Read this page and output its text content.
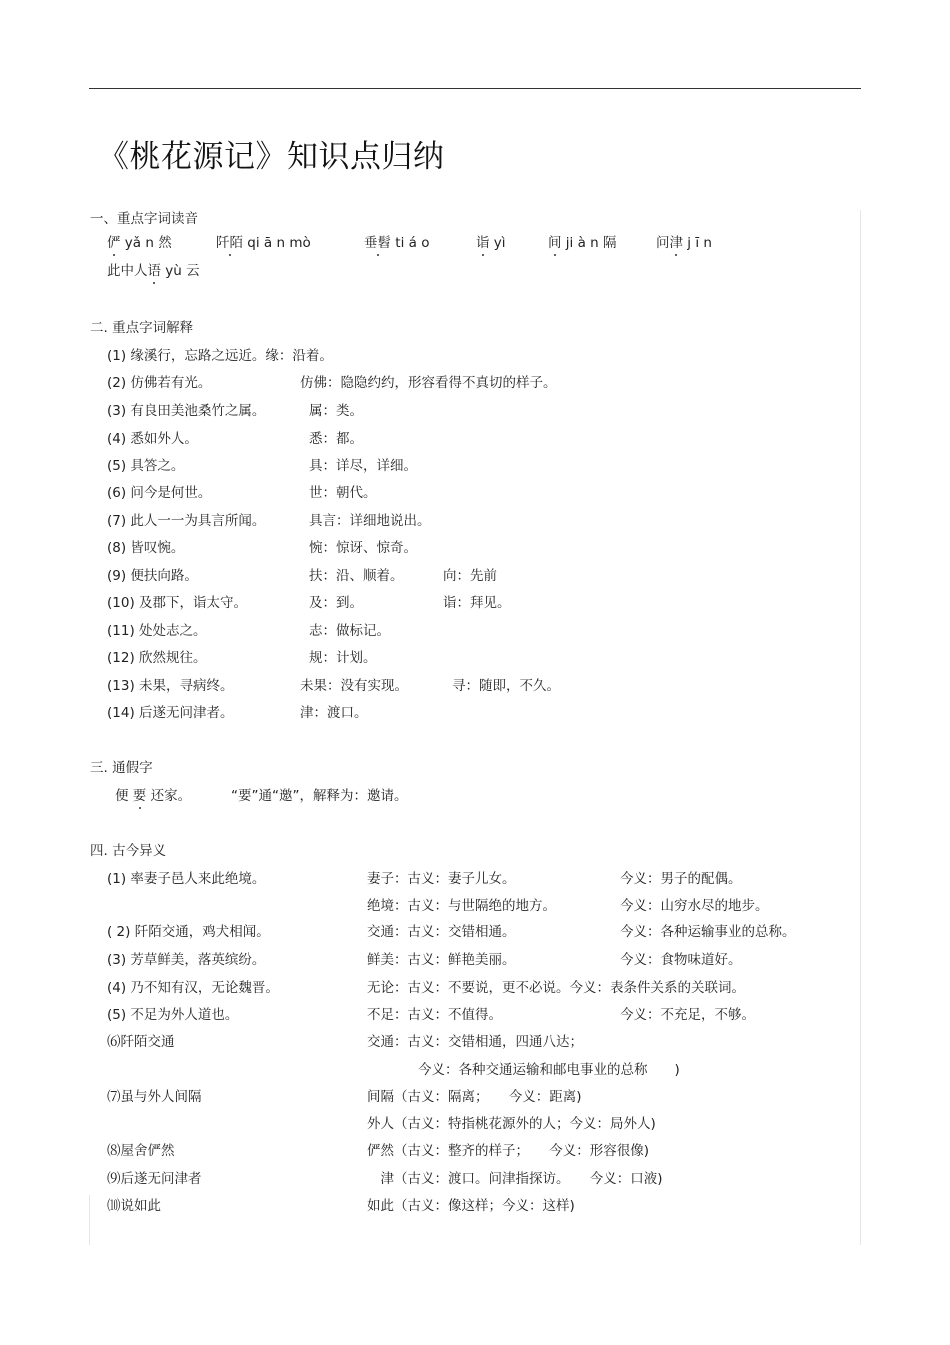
《桃花源记》知识点归纳
一、重点字词读音
俨 yǎ n 然	阡陌 qi ā n mò	垂髫 ti á o	诣 yì	间 ji à n 隔	问津 j ī n
此中人语 yù 云
二. 重点字词解释
(1) 缘溪行，忘路之远近。缘：沿着。
(2) 仿佛若有光。	仿佛：隐隐约约，形容看得不真切的样子。
(3) 有良田美池桑竹之属。	属：类。
(4) 悉如外人。	悉：都。
(5) 具答之。	具：详尽，详细。
(6) 问今是何世。	世：朝代。
(7) 此人一一为具言所闻。	具言：详细地说出。
(8) 皆叹惋。	惋：惊讶、惊奇。
(9) 便扶向路。	扶：沿、顺着。	向：先前
(10) 及郡下，诣太守。	及：到。	诣：拜见。
(11) 处处志之。	志：做标记。
(12) 欣然规往。	规：计划。
(13) 未果，寻病终。	未果：没有实现。	寻：随即，不久。
(14) 后遂无问津者。	津：渡口。
三. 通假字
便 要 还家。	“要”通“邀”，解释为：邀请。
四. 古今异义
(1) 率妻子邑人来此绝境。	妻子：古义：妻子儿女。	今义：男子的配偶。
绝境：古义：与世隔绝的地方。	今义：山穷水尽的地步。
( 2) 阡陌交通，鸡犬相闻。	交通：古义：交错相通。	今义：各种运输事业的总称。
(3) 芳草鲜美，落英缤纷。	鲜美：古义：鲜艳美丽。	今义：食物味道好。
(4) 乃不知有汉，无论魏晋。	无论：古义：不要说，更不必说。今义：表条件关系的关联词。
(5) 不足为外人道也。	不足：古义：不值得。	今义：不充足，不够。
⑹阡陌交通	交通：古义：交错相通，四通八达；
今义：各种交通运输和邮电事业的总称　　)
⑺虽与外人间隔	间隔（古义：隔离；　　今义：距离)
外人（古义：特指桃花源外的人；今义：局外人)
⑻屋舍俨然	俨然（古义：整齐的样子；　　今义：形容很像)
⑼后遂无问津者	　津（古义：渡口。问津指探访。　　今义：口液)
⑽说如此	如此（古义：像这样；今义：这样)
